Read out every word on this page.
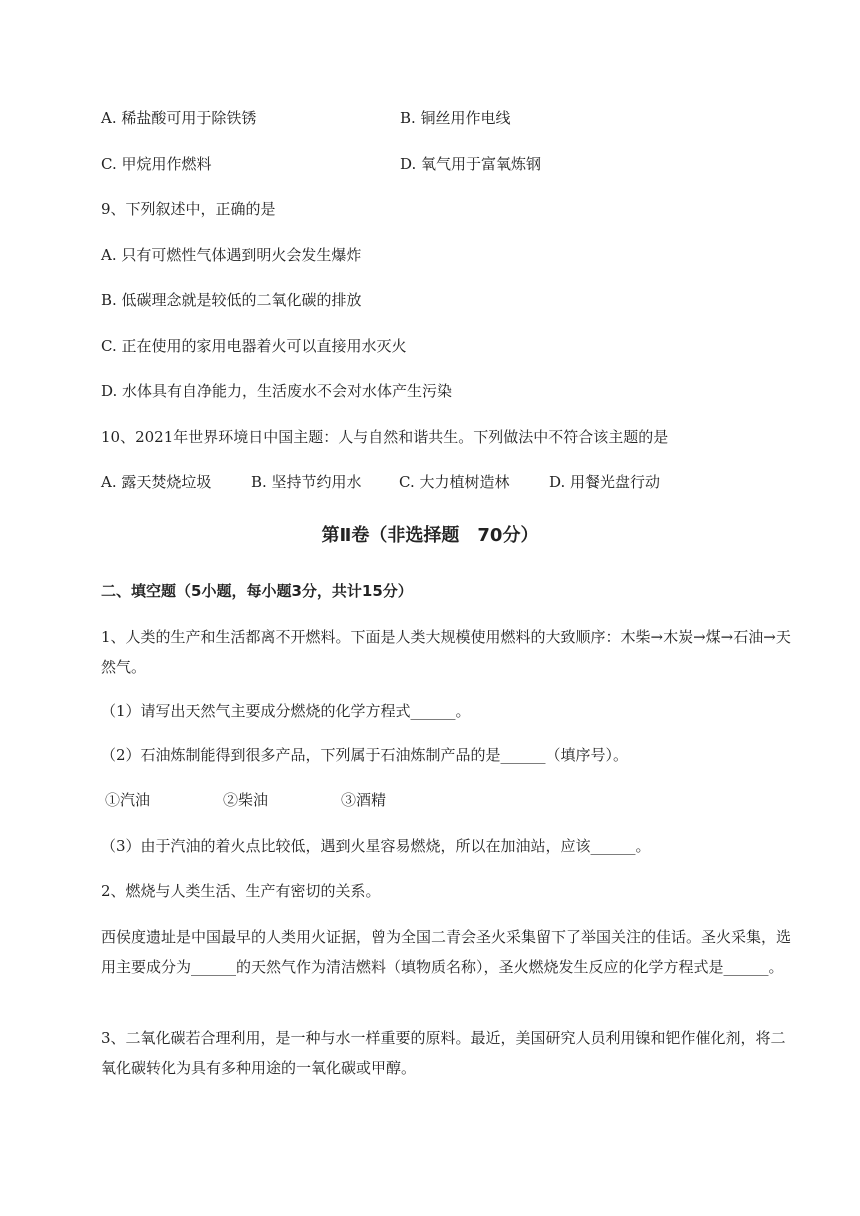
A. 稀盐酸可用于除铁锈	B. 铜丝用作电线
C. 甲烷用作燃料	D. 氧气用于富氧炼钢
9、下列叙述中，正确的是
A. 只有可燃性气体遇到明火会发生爆炸
B. 低碳理念就是较低的二氧化碳的排放
C. 正在使用的家用电器着火可以直接用水灭火
D. 水体具有自净能力，生活废水不会对水体产生污染
10、2021年世界环境日中国主题：人与自然和谐共生。下列做法中不符合该主题的是
A. 露天焚烧垃圾	B. 坚持节约用水 C. 大力植树造林	D. 用餐光盘行动
第Ⅱ卷（非选择题　70分）
二、填空题（5小题，每小题3分，共计15分）
1、人类的生产和生活都离不开燃料。下面是人类大规模使用燃料的大致顺序：木柴→木炭→煤→石油→天然气。
（1）请写出天然气主要成分燃烧的化学方程式______。
（2）石油炼制能得到很多产品，下列属于石油炼制产品的是______（填序号）。
①汽油	②柴油	③酒精
（3）由于汽油的着火点比较低，遇到火星容易燃烧，所以在加油站，应该______。
2、燃烧与人类生活、生产有密切的关系。
西侯度遗址是中国最早的人类用火证据，曾为全国二青会圣火采集留下了举国关注的佳话。圣火采集，选用主要成分为______的天然气作为清洁燃料（填物质名称），圣火燃烧发生反应的化学方程式是______。
3、二氧化碳若合理利用，是一种与水一样重要的原料。最近，美国研究人员利用镍和钯作催化剂，将二氧化碳转化为具有多种用途的一氧化碳或甲醇。
